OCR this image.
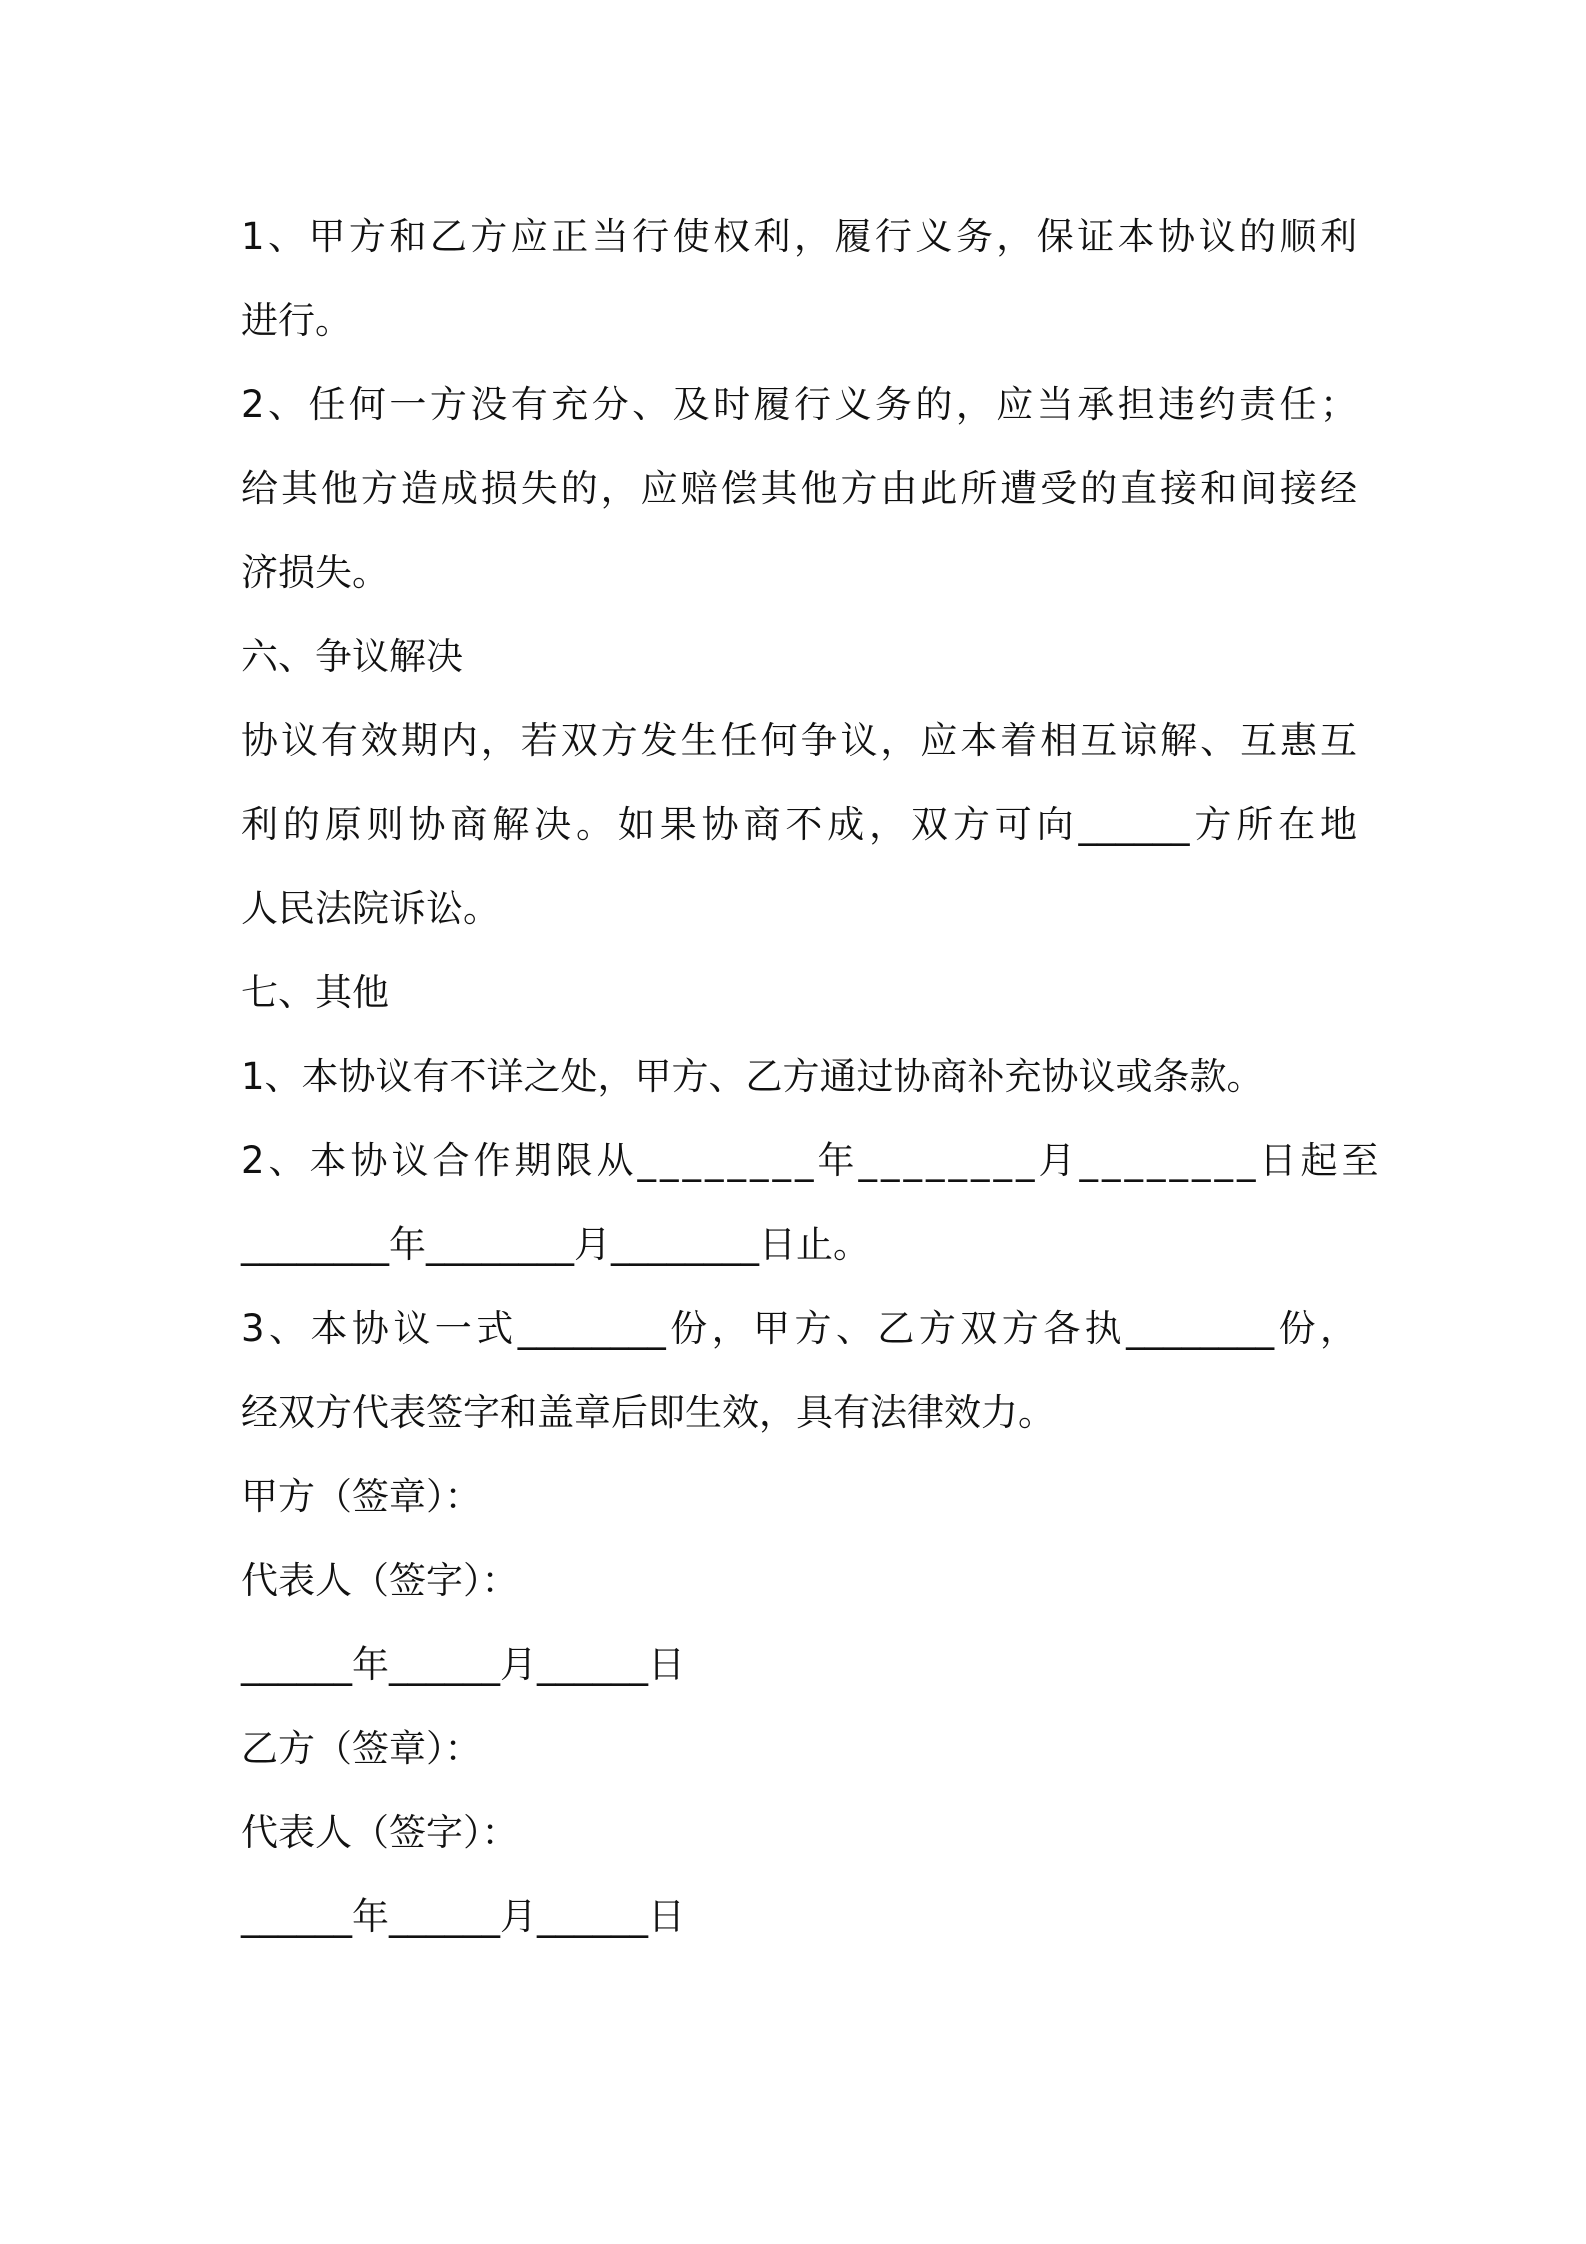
1、甲方和乙方应正当行使权利，履行义务，保证本协议的顺利
进行。
2、任何一方没有充分、及时履行义务的，应当承担违约责任；
给其他方造成损失的，应赔偿其他方由此所遭受的直接和间接经
济损失。
六、争议解决
协议有效期内，若双方发生任何争议，应本着相互谅解、互惠互
利的原则协商解决。如果协商不成，双方可向______方所在地
人民法院诉讼。
七、其他
1、本协议有不详之处，甲方、乙方通过协商补充协议或条款。
2、本协议合作期限从________年________月________日起至
________年________月________日止。
3、本协议一式________份，甲方、乙方双方各执________份，
经双方代表签字和盖章后即生效，具有法律效力。
甲方（签章）：
代表人（签字）：
______年______月______日
乙方（签章）：
代表人（签字）：
______年______月______日
